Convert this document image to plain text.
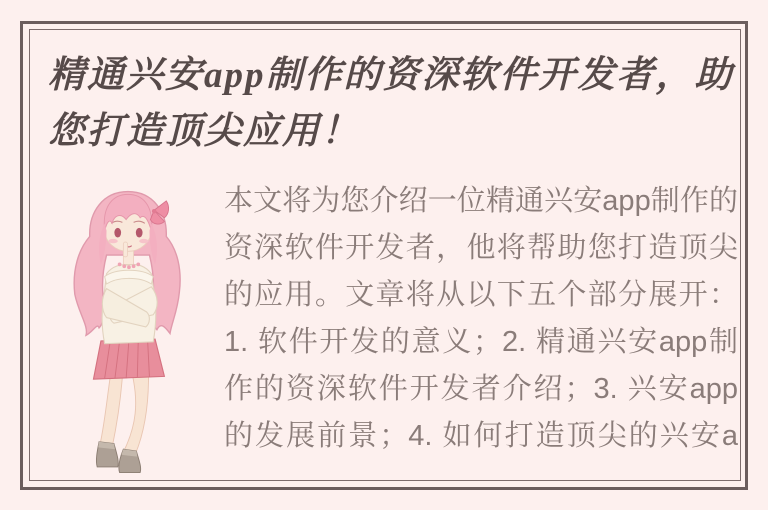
精通兴安app制作的资深软件开发者，助
您打造顶尖应用！
本文将为您介绍一位精通兴安app制作的
资深软件开发者，他将帮助您打造顶尖
的应用。文章将从以下五个部分展开：
1. 软件开发的意义；2. 精通兴安app制
作的资深软件开发者介绍；3. 兴安app
的发展前景；4. 如何打造顶尖的兴安a
